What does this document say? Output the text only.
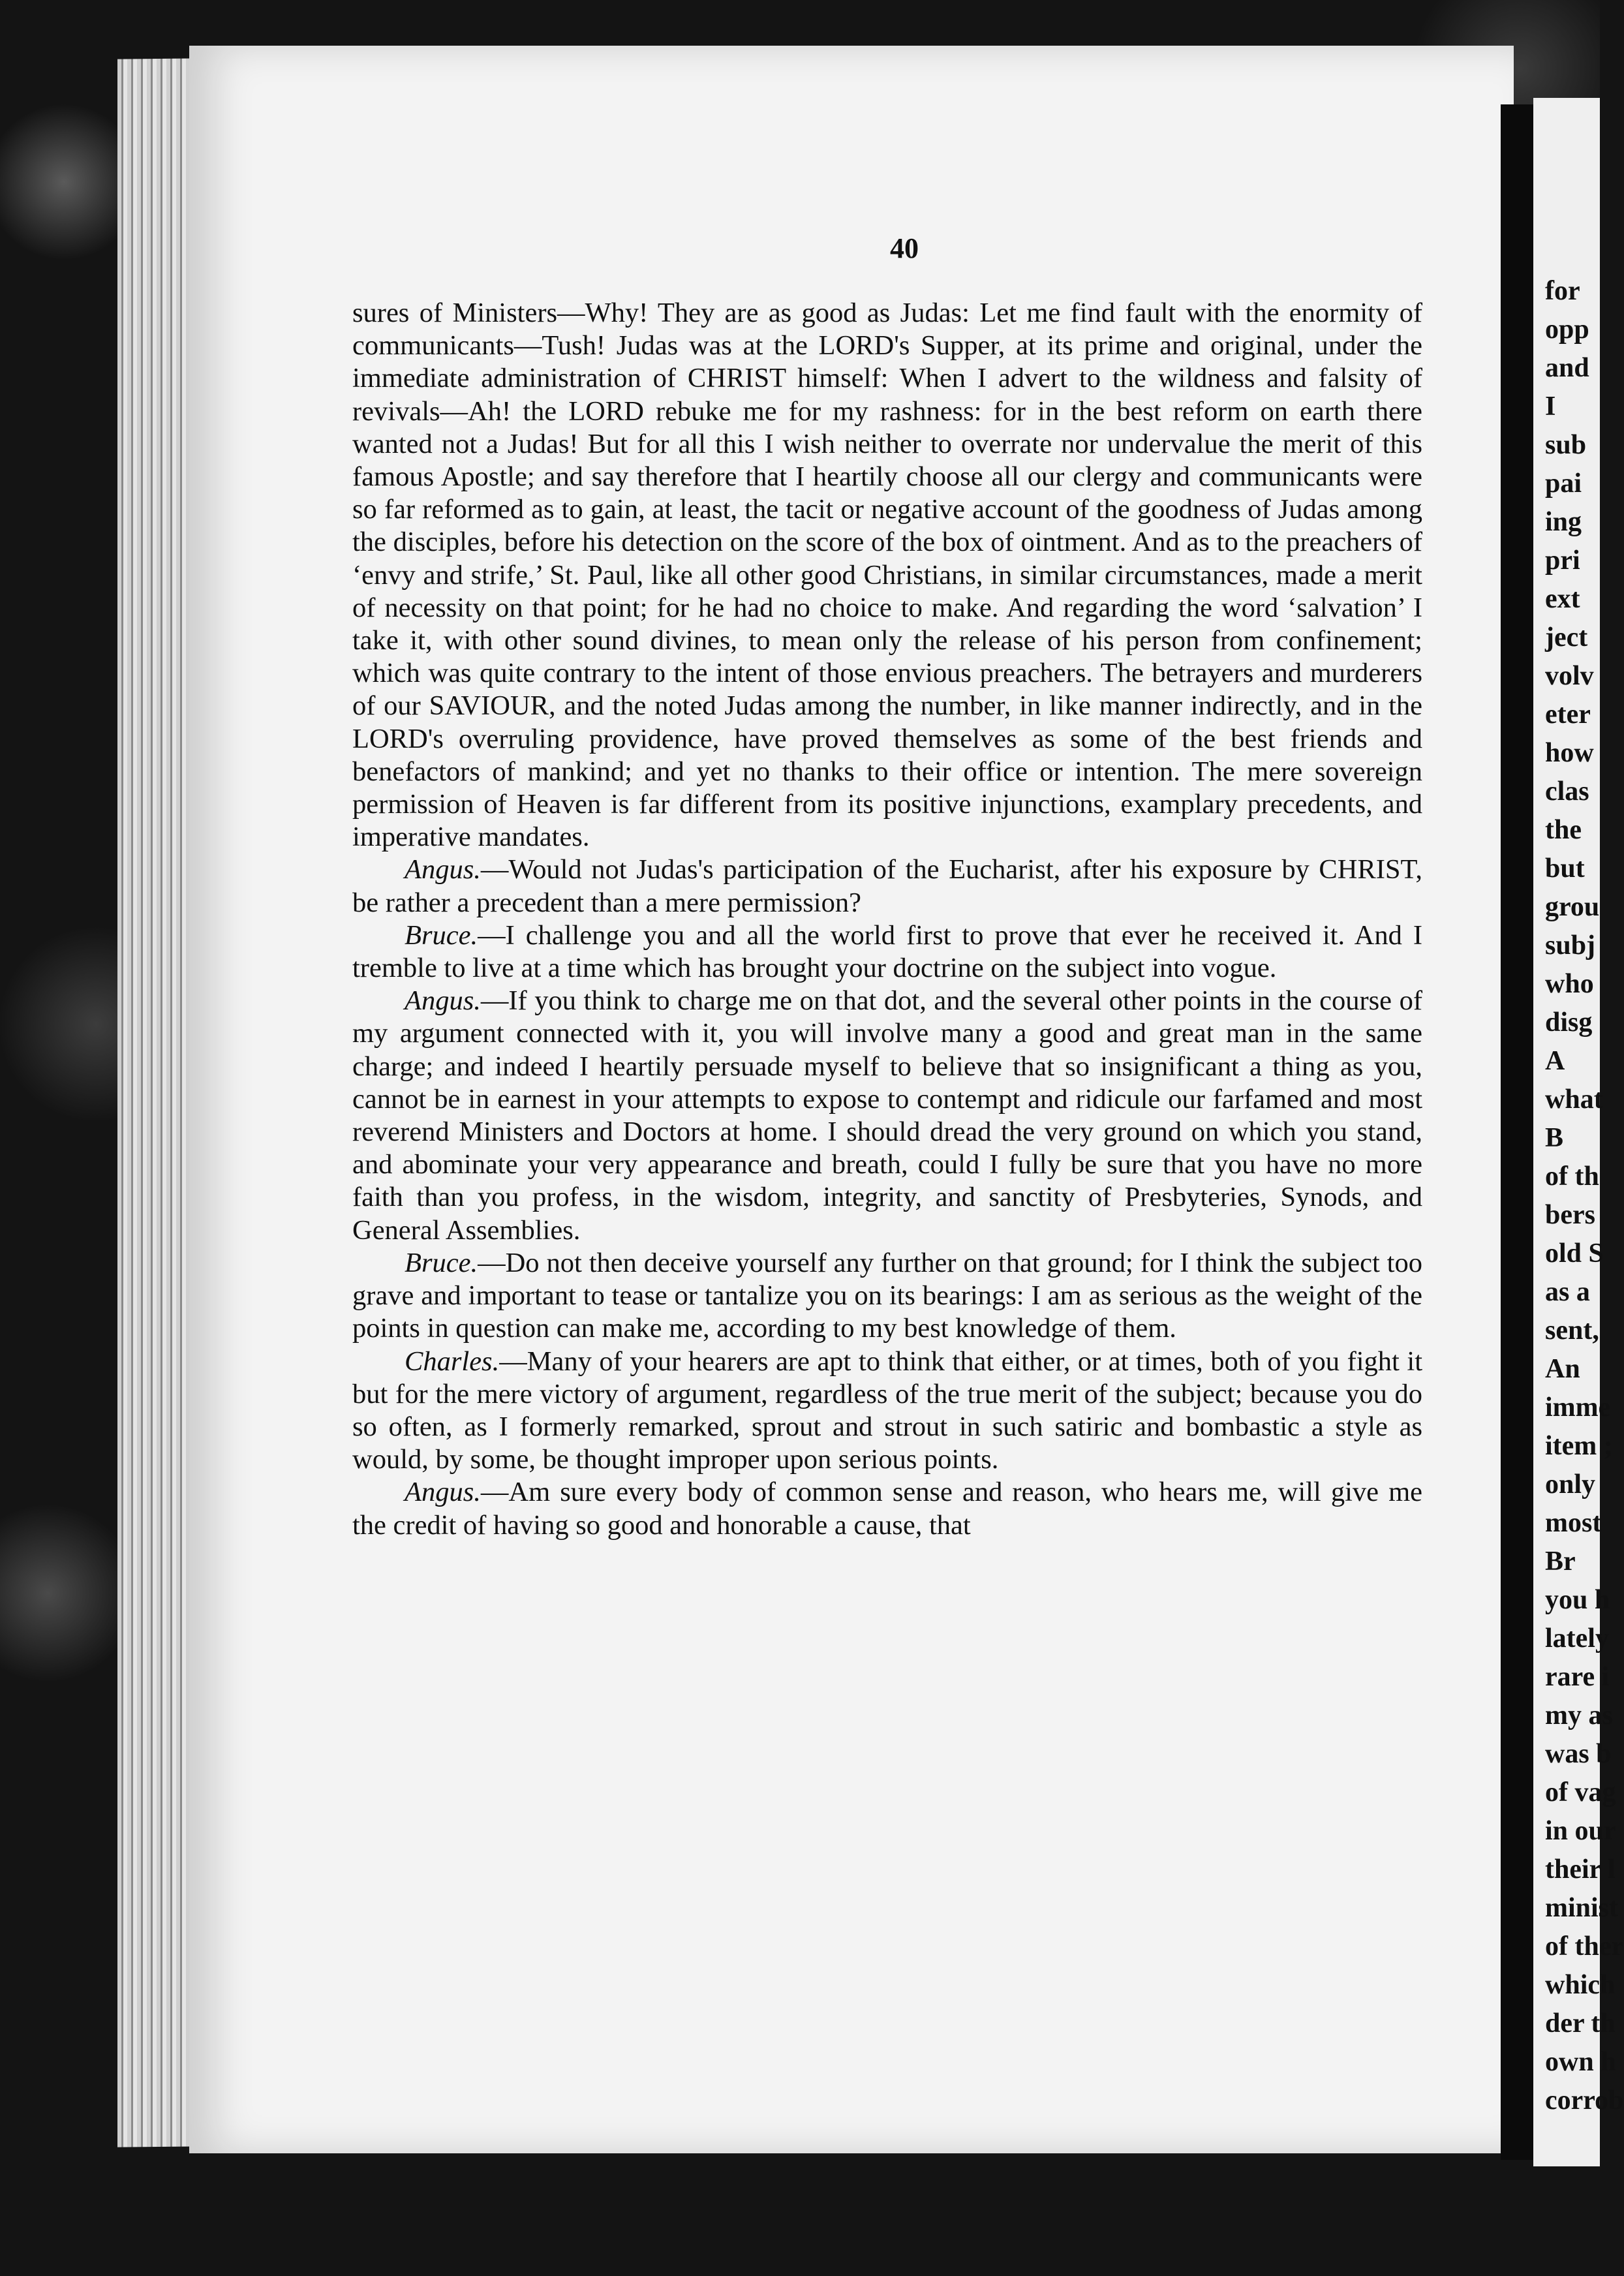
40

sures of Ministers—Why! They are as good as Judas: Let me find fault with the enormity of communicants—Tush! Judas was at the LORD's Supper, at its prime and original, under the immediate administration of CHRIST himself: When I advert to the wildness and falsity of revivals—Ah! the LORD rebuke me for my rashness: for in the best reform on earth there wanted not a Judas! But for all this I wish neither to overrate nor undervalue the merit of this famous Apostle; and say therefore that I heartily choose all our clergy and communicants were so far reformed as to gain, at least, the tacit or negative account of the goodness of Judas among the disciples, before his detection on the score of the box of ointment. And as to the preachers of ‘envy and strife,’ St. Paul, like all other good Christians, in similar circumstances, made a merit of necessity on that point; for he had no choice to make. And regarding the word ‘salvation’ I take it, with other sound divines, to mean only the release of his person from confinement; which was quite contrary to the intent of those envious preachers. The betrayers and murderers of our SAVIOUR, and the noted Judas among the number, in like manner indirectly, and in the LORD's overruling providence, have proved themselves as some of the best friends and benefactors of mankind; and yet no thanks to their office or intention. The mere sovereign permission of Heaven is far different from its positive injunctions, examplary precedents, and imperative mandates.

Angus.—Would not Judas's participation of the Eucharist, after his exposure by CHRIST, be rather a precedent than a mere permission?

Bruce.—I challenge you and all the world first to prove that ever he received it. And I tremble to live at a time which has brought your doctrine on the subject into vogue.

Angus.—If you think to charge me on that dot, and the several other points in the course of my argument connected with it, you will involve many a good and great man in the same charge; and indeed I heartily persuade myself to believe that so insignificant a thing as you, cannot be in earnest in your attempts to expose to contempt and ridicule our farfamed and most reverend Ministers and Doctors at home. I should dread the very ground on which you stand, and abominate your very appearance and breath, could I fully be sure that you have no more faith than you profess, in the wisdom, integrity, and sanctity of Presbyteries, Synods, and General Assemblies.

Bruce.—Do not then deceive yourself any further on that ground; for I think the subject too grave and important to tease or tantalize you on its bearings: I am as serious as the weight of the points in question can make me, according to my best knowledge of them.

Charles.—Many of your hearers are apt to think that either, or at times, both of you fight it but for the mere victory of argument, regardless of the true merit of the subject; because you do so often, as I formerly remarked, sprout and strout in such satiric and bombastic a style as would, by some, be thought improper upon serious points.

Angus.—Am sure every body of common sense and reason, who hears me, will give me the credit of having so good and honorable a cause, that

for
opp
and
I
sub
pai
ing
pri
ext
ject
volv
eter
how
clas
the
but
grou
subj
who
disg
A
what
B
of th
bers
old S
as a
sent,
An
imme
item ;
only
most
Br
you h
lately
rare i
my as
was b
of vag
in our
their l
minist
of ther
which
der th
own h
corrob
